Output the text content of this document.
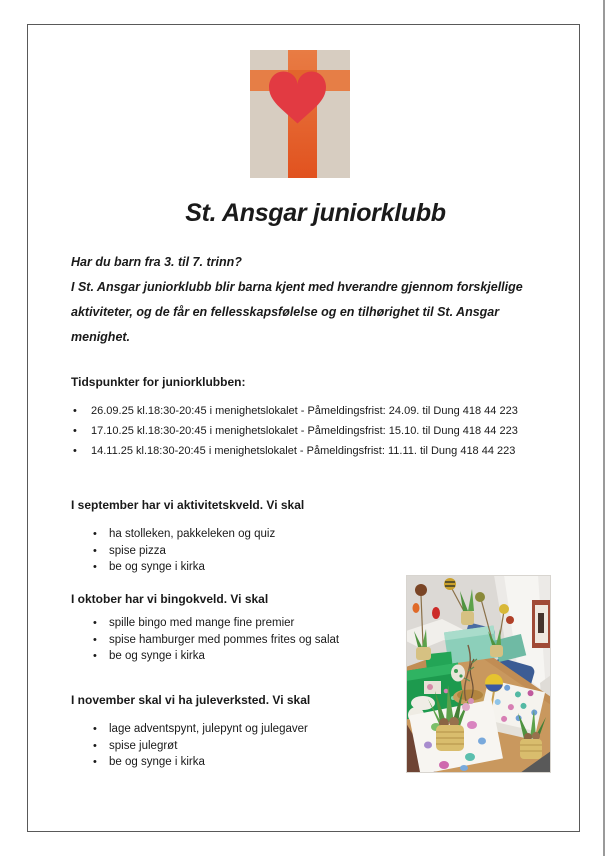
St. Ansgar juniorklubb
Har du barn fra 3. til 7. trinn?
I St. Ansgar juniorklubb blir barna kjent med hverandre gjennom forskjellige
aktiviteter, og de får en fellesskapsfølelse og en tilhørighet til St. Ansgar
menighet.
Tidspunkter for juniorklubben:
• 26.09.25 kl.18:30-20:45 i menighetslokalet - Påmeldingsfrist: 24.09. til Dung 418 44 223
• 17.10.25 kl.18:30-20:45 i menighetslokalet - Påmeldingsfrist: 15.10. til Dung 418 44 223
• 14.11.25 kl.18:30-20:45 i menighetslokalet - Påmeldingsfrist: 11.11. til Dung 418 44 223
I september har vi aktivitetskveld. Vi skal
• ha stolleken, pakkeleken og quiz
• spise pizza
• be og synge i kirka
I oktober har vi bingokveld. Vi skal
• spille bingo med mange fine premier
• spise hamburger med pommes frites og salat
• be og synge i kirka
I november skal vi ha juleverksted. Vi skal
• lage adventspynt, julepynt og julegaver
• spise julegrøt
• be og synge i kirka
